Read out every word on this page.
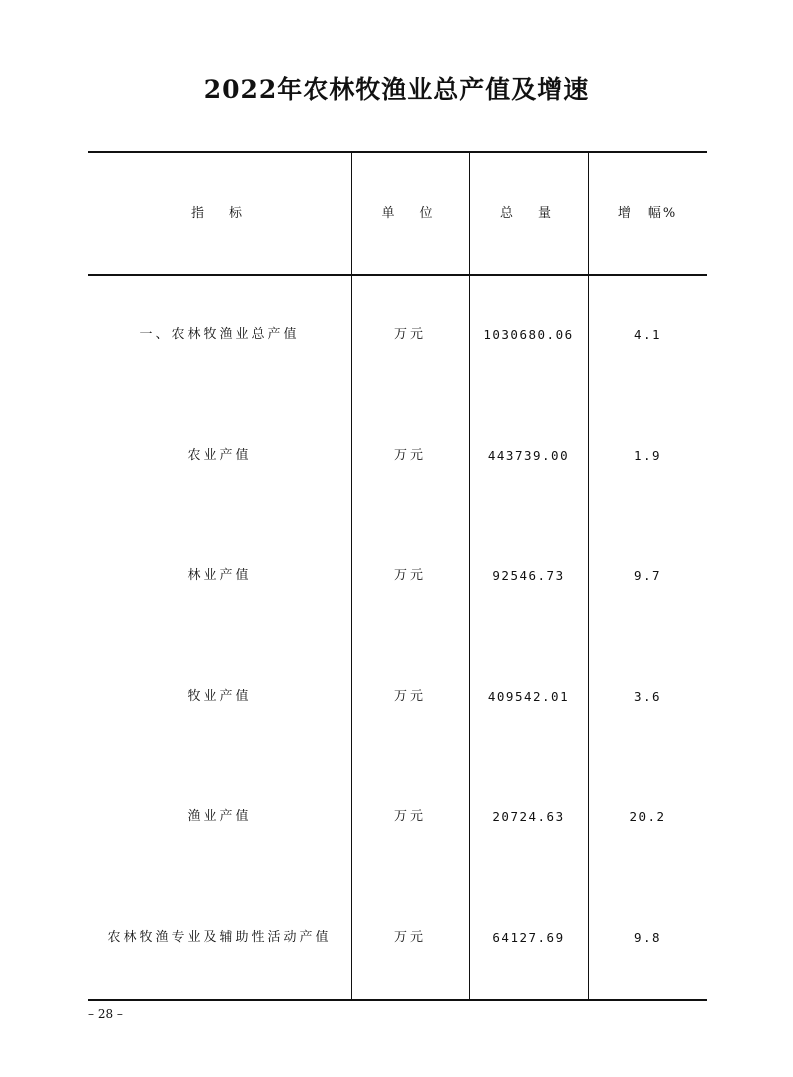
2022年农林牧渔业总产值及增速
指　标	单　位	总　量	增　幅%
一、农林牧渔业总产值	万元	1030680.06	4.1
农业产值	万元	443739.00	1.9
林业产值	万元	92546.73	9.7
牧业产值	万元	409542.01	3.6
渔业产值	万元	20724.63	20.2
农林牧渔专业及辅助性活动产值	万元	64127.69	9.8
– 28 –
